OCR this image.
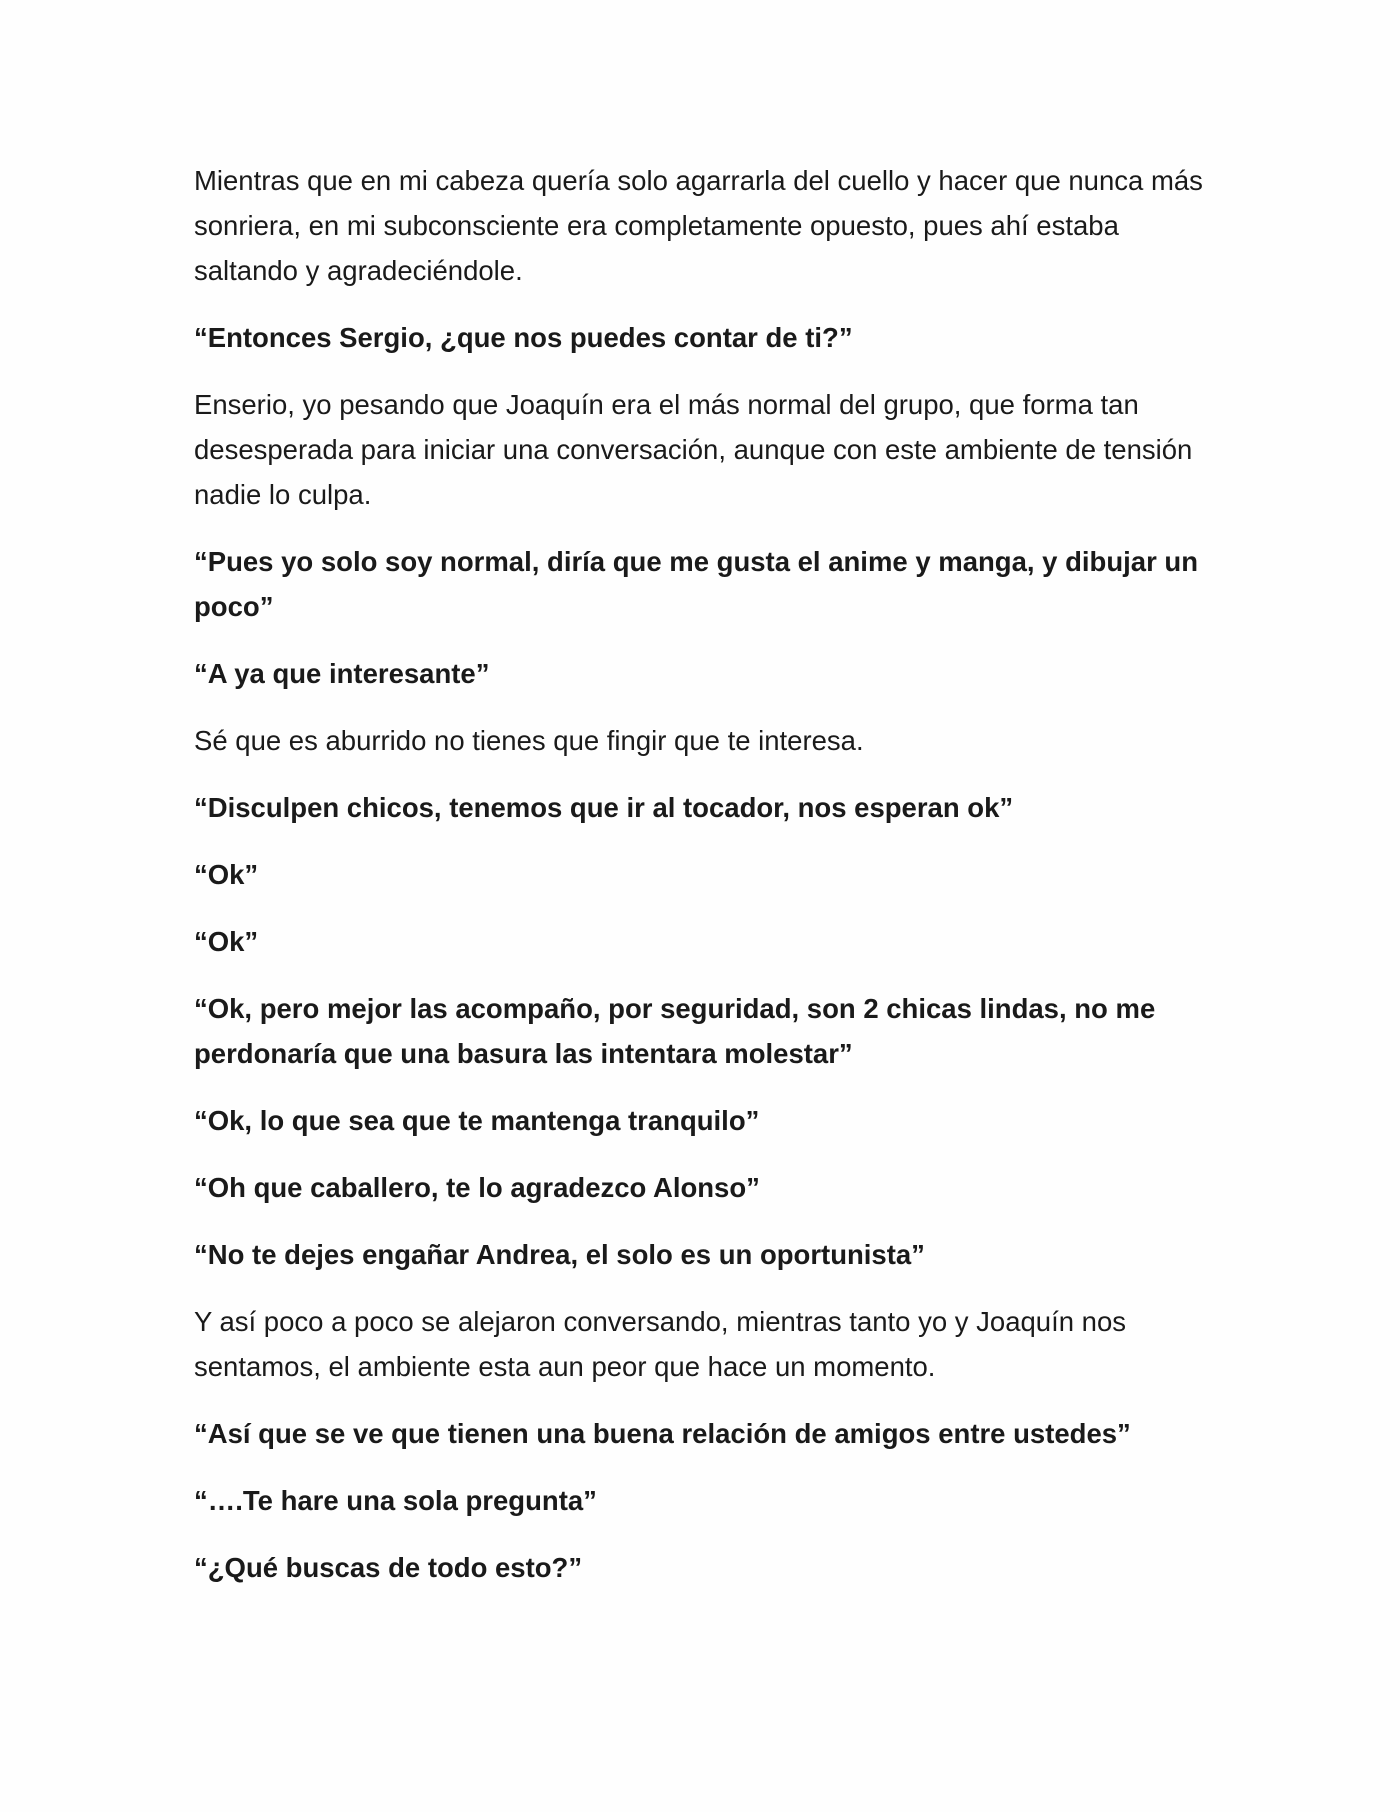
Mientras que en mi cabeza quería solo agarrarla del cuello y hacer que nunca más sonriera, en mi subconsciente era completamente opuesto, pues ahí estaba saltando y agradeciéndole.

“Entonces Sergio, ¿que nos puedes contar de ti?”

Enserio, yo pesando que Joaquín era el más normal del grupo, que forma tan desesperada para iniciar una conversación, aunque con este ambiente de tensión nadie lo culpa.

“Pues yo solo soy normal, diría que me gusta el anime y manga, y dibujar un poco”

“A ya que interesante”

Sé que es aburrido no tienes que fingir que te interesa.

“Disculpen chicos, tenemos que ir al tocador, nos esperan ok”

“Ok”

“Ok”

“Ok, pero mejor las acompaño, por seguridad, son 2 chicas lindas, no me perdonaría que una basura las intentara molestar”

“Ok, lo que sea que te mantenga tranquilo”

“Oh que caballero, te lo agradezco Alonso”

“No te dejes engañar Andrea, el solo es un oportunista”

Y así poco a poco se alejaron conversando, mientras tanto yo y Joaquín nos sentamos, el ambiente esta aun peor que hace un momento.

“Así que se ve que tienen una buena relación de amigos entre ustedes”

“….Te hare una sola pregunta”

“¿Qué buscas de todo esto?”
